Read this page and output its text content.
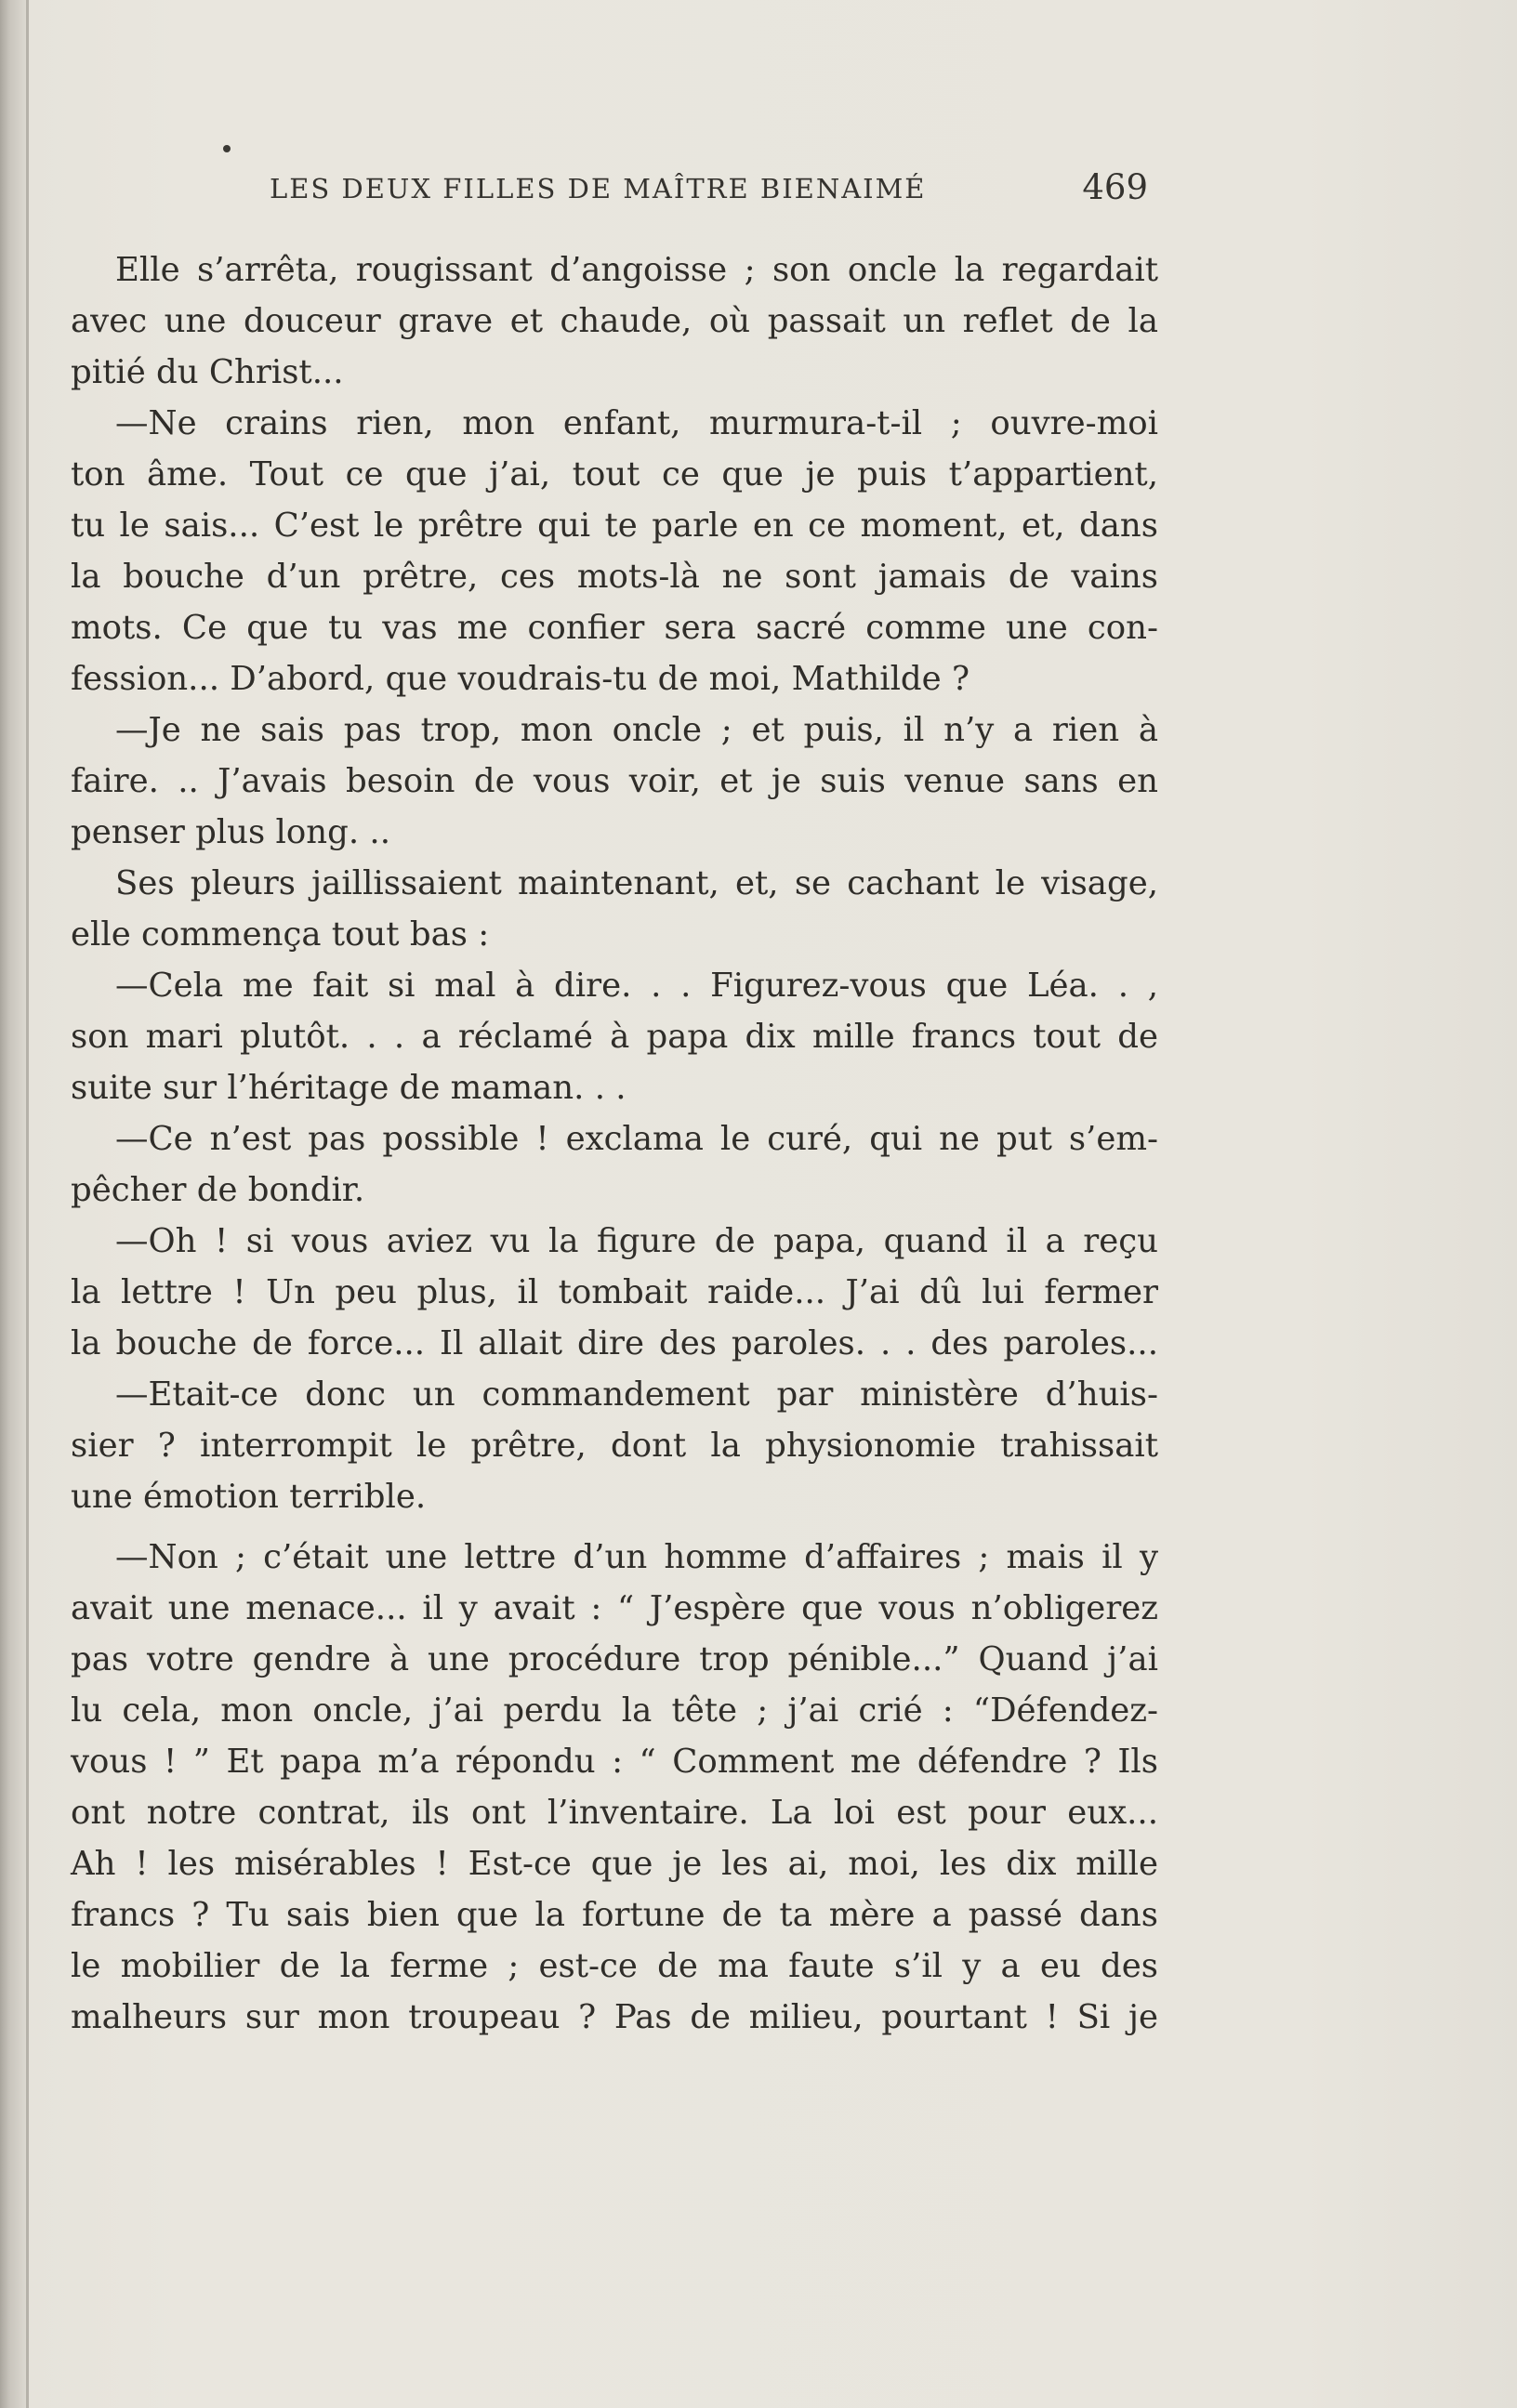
LES DEUX FILLES DE MAÎTRE BIENAIMÉ	469
Elle s’arrêta, rougissant d’angoisse ; son oncle la regardait
avec une douceur grave et chaude, où passait un reflet de la
pitié du Christ...
—Ne crains rien, mon enfant, murmura-t-il ; ouvre-moi
ton âme. Tout ce que j’ai, tout ce que je puis t’appartient,
tu le sais... C’est le prêtre qui te parle en ce moment, et, dans
la bouche d’un prêtre, ces mots-là ne sont jamais de vains
mots. Ce que tu vas me confier sera sacré comme une con-
fession... D’abord, que voudrais-tu de moi, Mathilde ?
—Je ne sais pas trop, mon oncle ; et puis, il n’y a rien à
faire. .. J’avais besoin de vous voir, et je suis venue sans en
penser plus long. ..
Ses pleurs jaillissaient maintenant, et, se cachant le visage,
elle commença tout bas :
—Cela me fait si mal à dire. . . Figurez-vous que Léa. . ,
son mari plutôt. . . a réclamé à papa dix mille francs tout de
suite sur l’héritage de maman. . .
—Ce n’est pas possible ! exclama le curé, qui ne put s’em-
pêcher de bondir.
—Oh ! si vous aviez vu la figure de papa, quand il a reçu
la lettre ! Un peu plus, il tombait raide... J’ai dû lui fermer
la bouche de force... Il allait dire des paroles. . . des paroles...
—Etait-ce donc un commandement par ministère d’huis-
sier ? interrompit le prêtre, dont la physionomie trahissait
une émotion terrible.
—Non ; c’était une lettre d’un homme d’affaires ; mais il y
avait une menace... il y avait : “ J’espère que vous n’obligerez
pas votre gendre à une procédure trop pénible...” Quand j’ai
lu cela, mon oncle, j’ai perdu la tête ; j’ai crié : “Défendez-
vous ! ” Et papa m’a répondu : “ Comment me défendre ? Ils
ont notre contrat, ils ont l’inventaire. La loi est pour eux...
Ah ! les misérables ! Est-ce que je les ai, moi, les dix mille
francs ? Tu sais bien que la fortune de ta mère a passé dans
le mobilier de la ferme ; est-ce de ma faute s’il y a eu des
malheurs sur mon troupeau ? Pas de milieu, pourtant ! Si je
